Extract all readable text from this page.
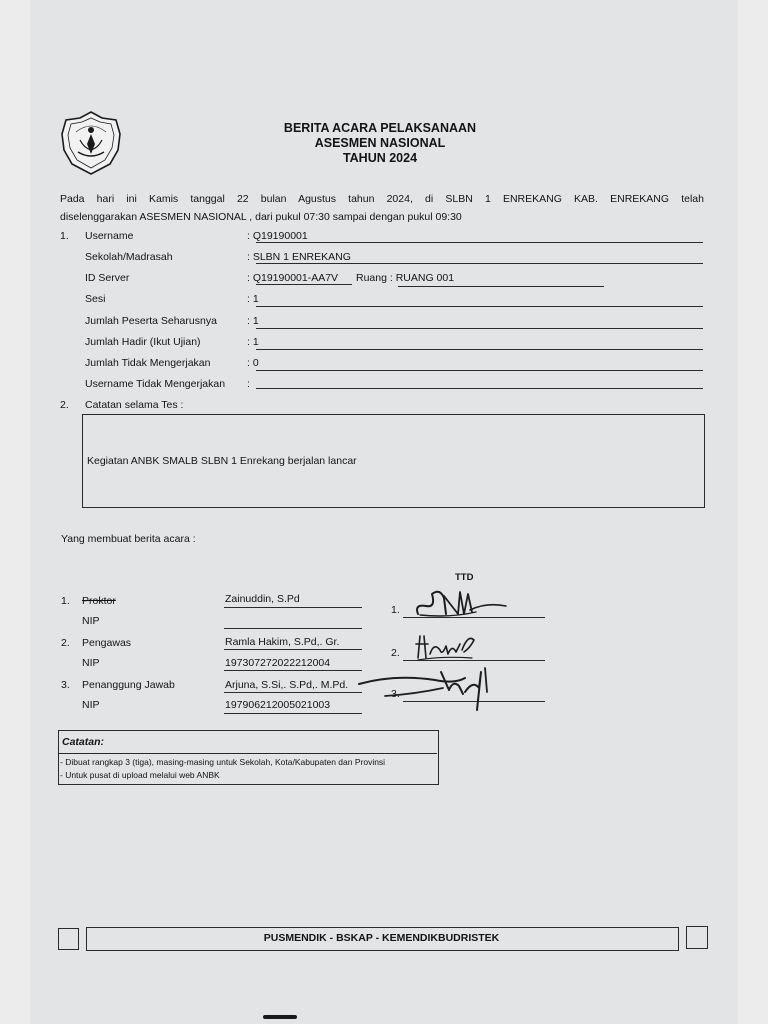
BERITA ACARA PELAKSANAAN
ASESMEN NASIONAL
TAHUN 2024
Pada hari ini Kamis tanggal 22 bulan Agustus tahun 2024, di SLBN 1 ENREKANG KAB. ENREKANG telah
diselenggarakan ASESMEN NASIONAL , dari pukul 07:30 sampai dengan pukul 09:30
1. Username	: Q19190001
Sekolah/Madrasah	: SLBN 1 ENREKANG
ID Server	: Q19190001-AA7V Ruang : RUANG 001
Sesi	: 1
Jumlah Peserta Seharusnya	: 1
Jumlah Hadir (Ikut Ujian)	: 1
Jumlah Tidak Mengerjakan	: 0
Username Tidak Mengerjakan :
2. Catatan selama Tes :
Kegiatan ANBK SMALB SLBN 1 Enrekang berjalan lancar
Yang membuat berita acara :
TTD
1. Proktor	Zainuddin, S.Pd
NIP
1.
2. Pengawas	Ramla Hakim, S.Pd,. Gr.
NIP	197307272022212004
2.
3. Penanggung Jawab	Arjuna, S.Si,. S.Pd,. M.Pd.
NIP	197906212005021003
3.
Catatan:
- Dibuat rangkap 3 (tiga), masing-masing untuk Sekolah, Kota/Kabupaten dan Provinsi
- Untuk pusat di upload melalui web ANBK
PUSMENDIK - BSKAP - KEMENDIKBUDRISTEK
